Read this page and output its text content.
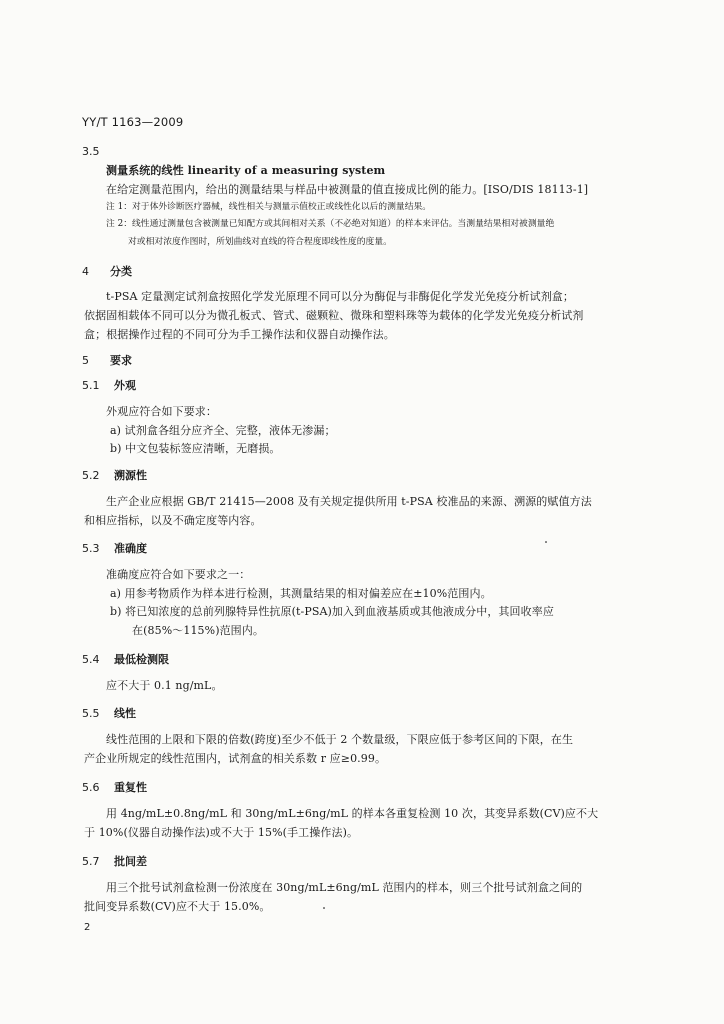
YY/T 1163—2009
3.5
测量系统的线性 linearity of a measuring system
在给定测量范围内，给出的测量结果与样品中被测量的值直接成比例的能力。[ISO/DIS 18113-1]
注 1：对于体外诊断医疗器械，线性相关与测量示值校正或线性化以后的测量结果。
注 2：线性通过测量包含被测量已知配方或其间相对关系（不必绝对知道）的样本来评估。当测量结果相对被测量绝
对或相对浓度作图时，所划曲线对直线的符合程度即线性度的度量。
4 分类
t-PSA 定量测定试剂盒按照化学发光原理不同可以分为酶促与非酶促化学发光免疫分析试剂盒；
依据固相载体不同可以分为微孔板式、管式、磁颗粒、微珠和塑料珠等为载体的化学发光免疫分析试剂
盒；根据操作过程的不同可分为手工操作法和仪器自动操作法。
5 要求
5.1 外观
外观应符合如下要求：
a) 试剂盒各组分应齐全、完整，液体无渗漏；
b) 中文包装标签应清晰，无磨损。
5.2 溯源性
生产企业应根据 GB/T 21415—2008 及有关规定提供所用 t-PSA 校准品的来源、溯源的赋值方法
和相应指标，以及不确定度等内容。
5.3 准确度
准确度应符合如下要求之一：
a) 用参考物质作为样本进行检测，其测量结果的相对偏差应在±10%范围内。
b) 将已知浓度的总前列腺特异性抗原(t-PSA)加入到血液基质或其他液成分中，其回收率应
在(85%～115%)范围内。
5.4 最低检测限
应不大于 0.1 ng/mL。
5.5 线性
线性范围的上限和下限的倍数(跨度)至少不低于 2 个数量级，下限应低于参考区间的下限，在生
产企业所规定的线性范围内，试剂盒的相关系数 r 应≥0.99。
5.6 重复性
用 4ng/mL±0.8ng/mL 和 30ng/mL±6ng/mL 的样本各重复检测 10 次，其变异系数(CV)应不大
于 10%(仪器自动操作法)或不大于 15%(手工操作法)。
5.7 批间差
用三个批号试剂盒检测一份浓度在 30ng/mL±6ng/mL 范围内的样本，则三个批号试剂盒之间的
批间变异系数(CV)应不大于 15.0%。
2
